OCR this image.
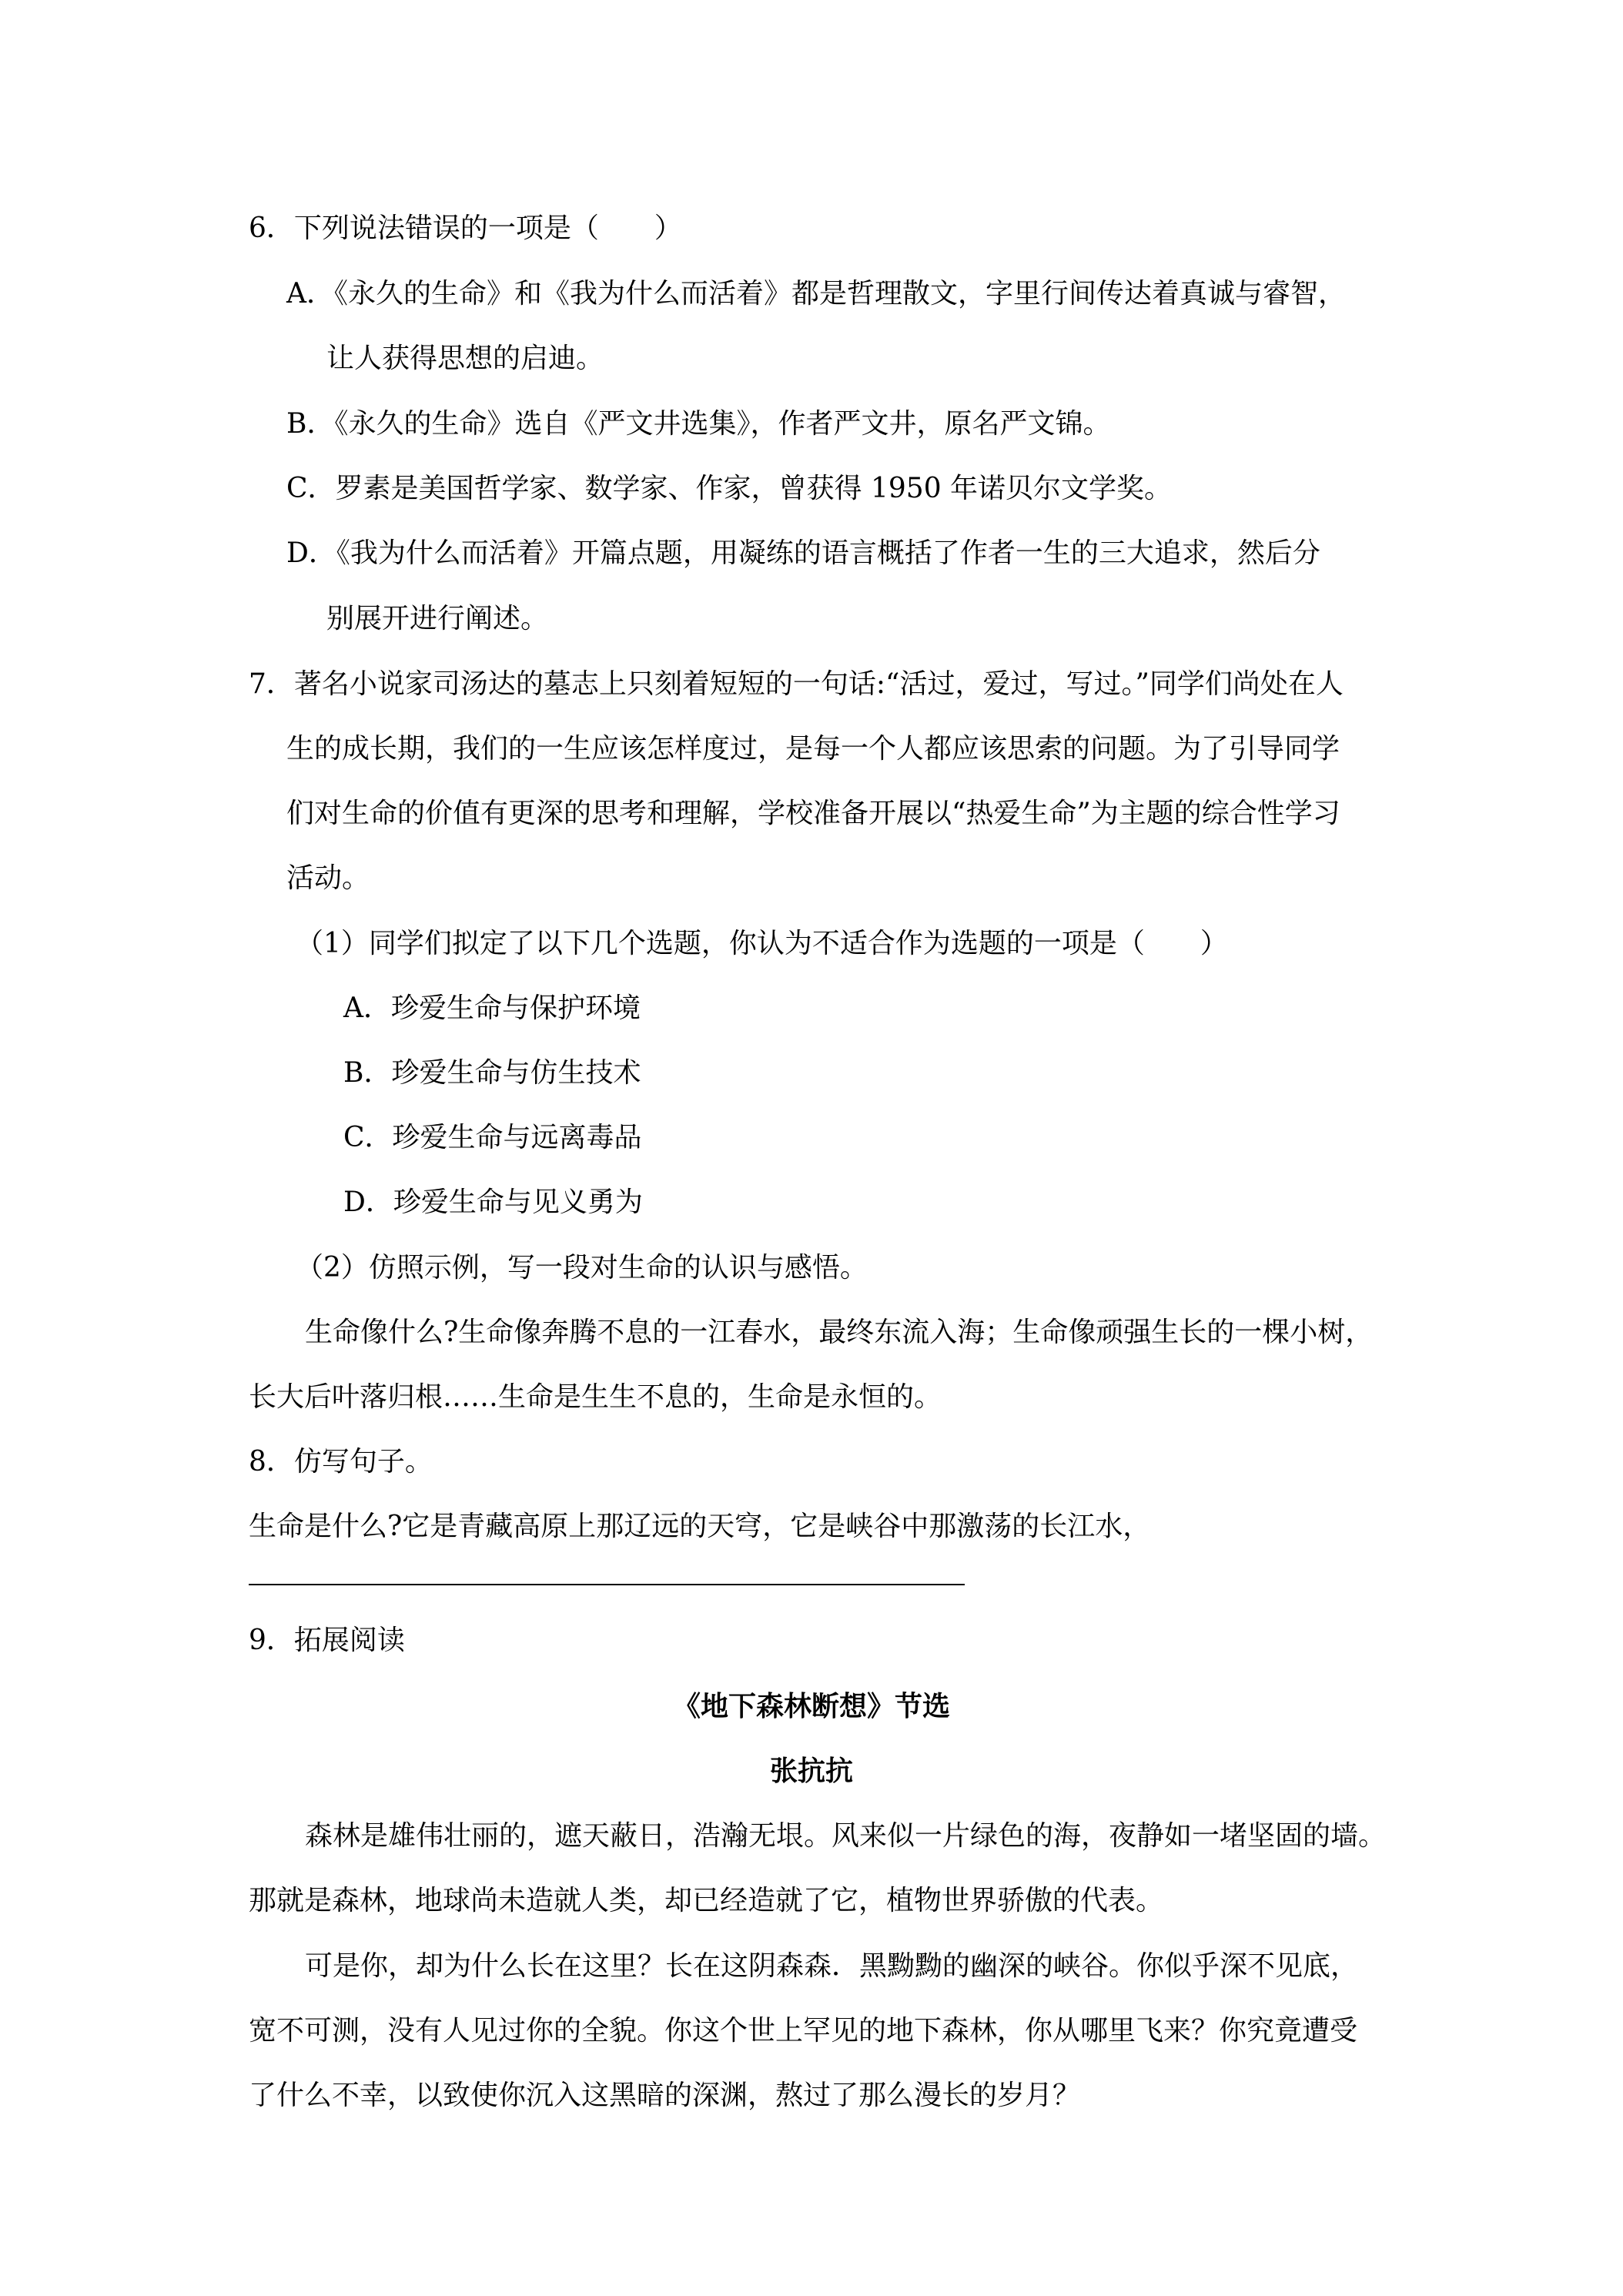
6．下列说法错误的一项是（　　）
A．《永久的生命》和《我为什么而活着》都是哲理散文，字里行间传达着真诚与睿智，
让人获得思想的启迪。
B．《永久的生命》选自《严文井选集》，作者严文井，原名严文锦。
C．罗素是美国哲学家、数学家、作家，曾获得 1950 年诺贝尔文学奖。
D．《我为什么而活着》开篇点题，用凝练的语言概括了作者一生的三大追求，然后分
别展开进行阐述。
7．著名小说家司汤达的墓志上只刻着短短的一句话:“活过，爱过，写过。”同学们尚处在人
生的成长期，我们的一生应该怎样度过，是每一个人都应该思索的问题。为了引导同学
们对生命的价值有更深的思考和理解，学校准备开展以“热爱生命”为主题的综合性学习
活动。
（1）同学们拟定了以下几个选题，你认为不适合作为选题的一项是（　　）
A．珍爱生命与保护环境
B．珍爱生命与仿生技术
C．珍爱生命与远离毒品
D．珍爱生命与见义勇为
（2）仿照示例，写一段对生命的认识与感悟。
生命像什么?生命像奔腾不息的一江春水，最终东流入海；生命像顽强生长的一棵小树，
长大后叶落归根……生命是生生不息的，生命是永恒的。
8．仿写句子。
生命是什么?它是青藏高原上那辽远的天穹，它是峡谷中那激荡的长江水，
9．拓展阅读
《地下森林断想》节选
张抗抗
森林是雄伟壮丽的，遮天蔽日，浩瀚无垠。风来似一片绿色的海，夜静如一堵坚固的墙。
那就是森林，地球尚未造就人类，却已经造就了它，植物世界骄傲的代表。
可是你，却为什么长在这里？长在这阴森森．黑黝黝的幽深的峡谷。你似乎深不见底，
宽不可测，没有人见过你的全貌。你这个世上罕见的地下森林，你从哪里飞来？你究竟遭受
了什么不幸，以致使你沉入这黑暗的深渊，熬过了那么漫长的岁月？
